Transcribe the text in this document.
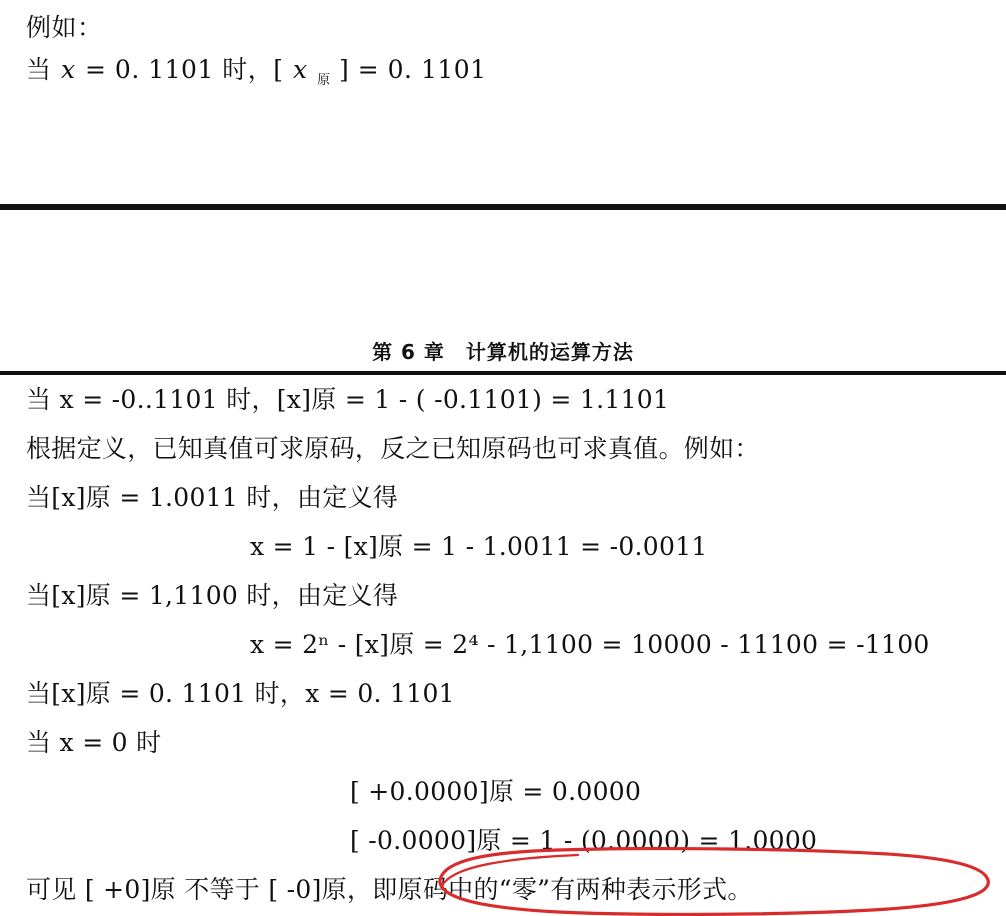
例如：
当 x = 0. 1101 时，[ x $_原$ ] = 0. 1101
第 6 章　计算机的运算方法
当 x = -0..1101 时，[x]原 = 1 - ( -0.1101) = 1.1101
根据定义，已知真值可求原码，反之已知原码也可求真值。例如：
当[x]原 = 1.0011 时，由定义得
x = 1 - [x]原 = 1 - 1.0011 = -0.0011
当[x]原 = 1,1100 时，由定义得
x = 2ⁿ - [x]原 = 2⁴ - 1,1100 = 10000 - 11100 = -1100
当[x]原 = 0. 1101 时，x = 0. 1101
当 x = 0 时
[ +0.0000]原 = 0.0000
[ -0.0000]原 = 1 - (0.0000) = 1.0000
可见 [ +0]原 不等于 [ -0]原，即原码中的“零”有两种表示形式。
